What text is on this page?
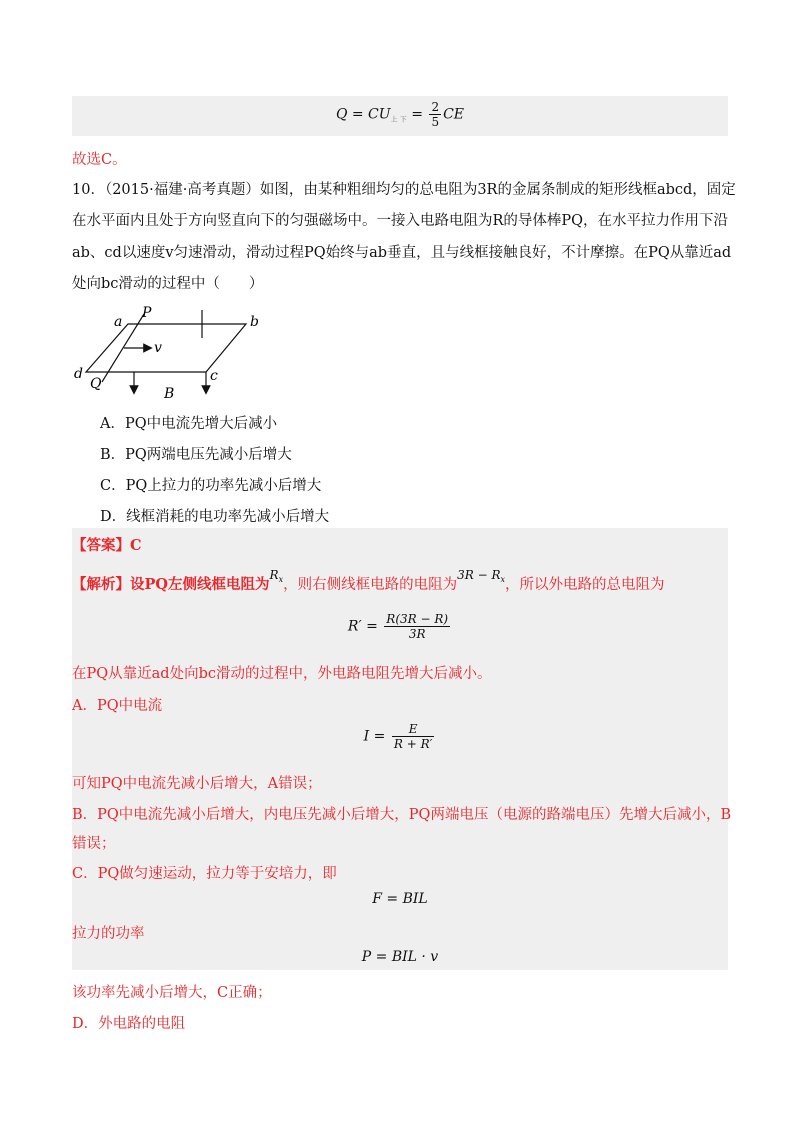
$Q = CU_{上 下} = \frac{2}{5}$ CE
故选C。
10．（2015·福建·高考真题）如图，由某种粗细均匀的总电阻为3R的金属条制成的矩形线框abcd，固定
在水平面内且处于方向竖直向下的匀强磁场中。一接入电路电阻为R的导体棒PQ，在水平拉力作用下沿
ab、cd以速度v匀速滑动，滑动过程PQ始终与ab垂直，且与线框接触良好，不计摩擦。在PQ从靠近ad
处向bc滑动的过程中（　　）
a
P
b
v
d
Q	c
B
A．PQ中电流先增大后减小
B．PQ两端电压先减小后增大
C．PQ上拉力的功率先减小后增大
D．线框消耗的电功率先减小后增大
【答案】C
【解析】设PQ左侧线框电阻为$^{R_x}$，则右侧线框电路的电阻为$^{3R - R_x}$，所以外电路的总电阻为
$R' = \frac{R(3R - R)}{3R}$
在PQ从靠近ad处向bc滑动的过程中，外电路电阻先增大后减小。
A．PQ中电流
$I = \frac{E}{R + R'}$
可知PQ中电流先减小后增大，A错误；
B．PQ中电流先减小后增大，内电压先减小后增大，PQ两端电压（电源的路端电压）先增大后减小，B
错误；
C．PQ做匀速运动，拉力等于安培力，即
F = BIL
拉力的功率
P = BIL · v
该功率先减小后增大，C正确；
D．外电路的电阻
